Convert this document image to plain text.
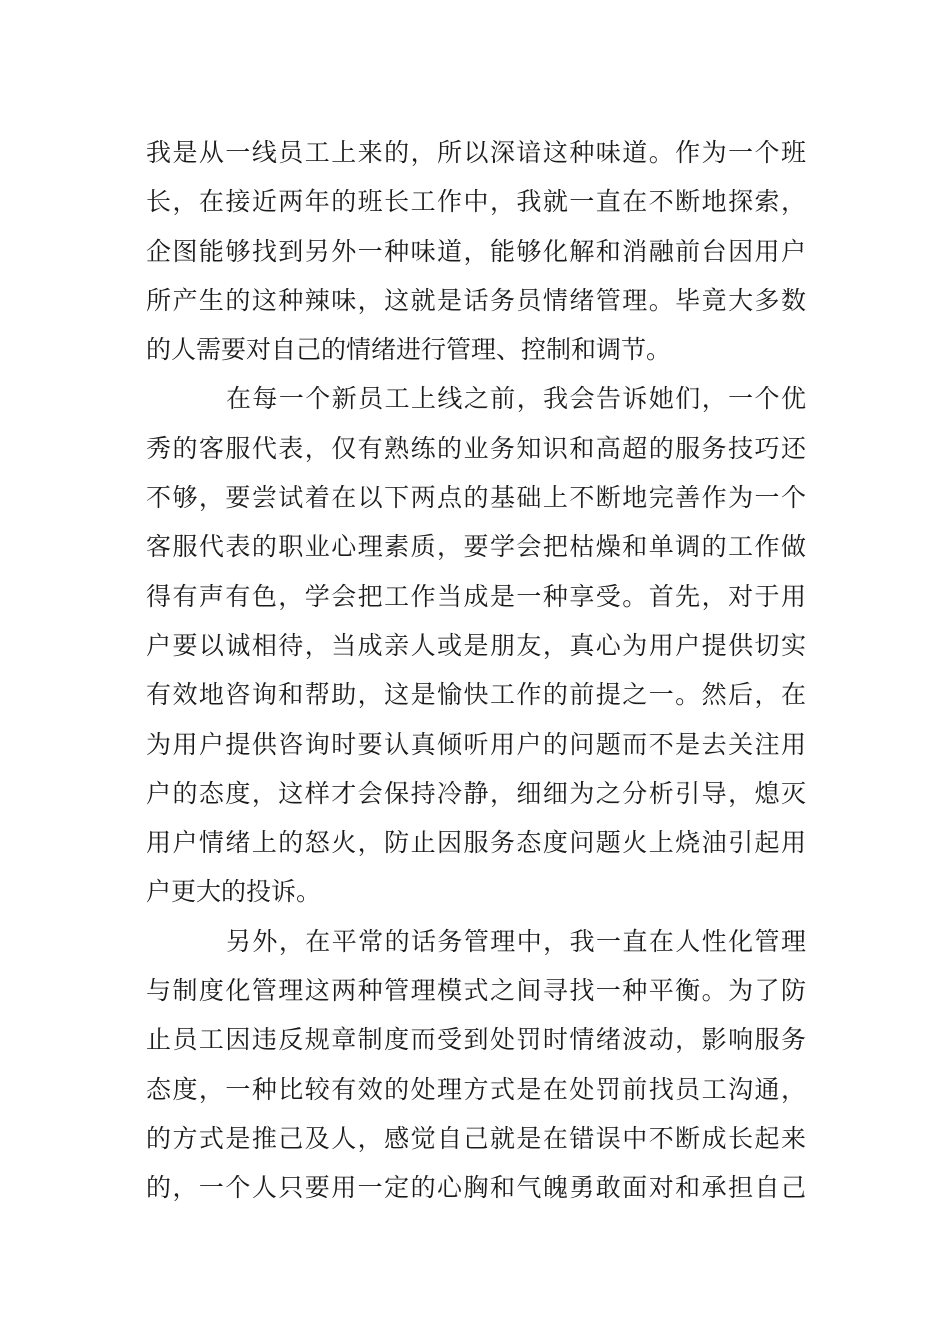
我是从一线员工上来的，所以深谙这种味道。作为一个班
长，在接近两年的班长工作中，我就一直在不断地探索，
企图能够找到另外一种味道，能够化解和消融前台因用户
所产生的这种辣味，这就是话务员情绪管理。毕竟大多数
的人需要对自己的情绪进行管理、控制和调节。
在每一个新员工上线之前，我会告诉她们，一个优
秀的客服代表，仅有熟练的业务知识和高超的服务技巧还
不够，要尝试着在以下两点的基础上不断地完善作为一个
客服代表的职业心理素质，要学会把枯燥和单调的工作做
得有声有色，学会把工作当成是一种享受。首先，对于用
户要以诚相待，当成亲人或是朋友，真心为用户提供切实
有效地咨询和帮助，这是愉快工作的前提之一。然后，在
为用户提供咨询时要认真倾听用户的问题而不是去关注用
户的态度，这样才会保持冷静，细细为之分析引导，熄灭
用户情绪上的怒火，防止因服务态度问题火上烧油引起用
户更大的投诉。
另外，在平常的话务管理中，我一直在人性化管理
与制度化管理这两种管理模式之间寻找一种平衡。为了防
止员工因违反规章制度而受到处罚时情绪波动，影响服务
态度，一种比较有效的处理方式是在处罚前找员工沟通，
的方式是推己及人，感觉自己就是在错误中不断成长起来
的，一个人只要用一定的心胸和气魄勇敢面对和承担自己
